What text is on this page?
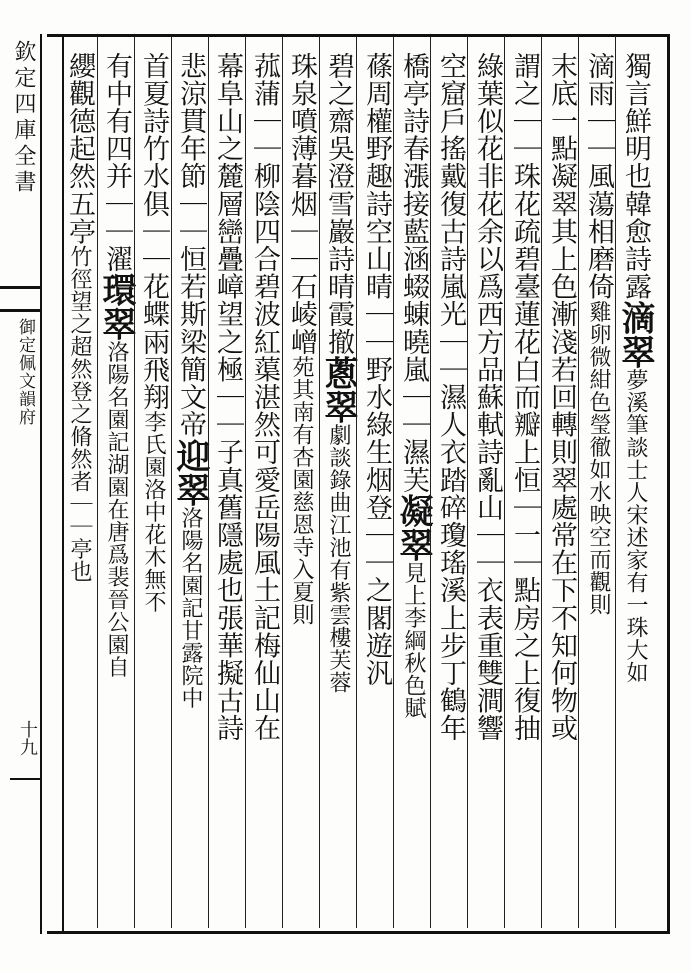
欽定四庫全書
御定佩文韻府
十九
獨言鮮明也韓愈詩露滴翠夢溪筆談士人宋述家有一珠大如
滴雨｜｜風蕩相磨倚雞卵微紺色瑩徹如水映空而觀則
末底一點凝翠其上色漸淺若回轉則翠處常在下不知何物或
謂之｜｜珠花疏碧臺蓮花白而瓣上恒｜一｜點房之上復抽
綠葉似花非花余以爲西方品蘇軾詩亂山｜｜衣表重雙澗響
空窟戶搖戴復古詩嵐光｜｜濕人衣踏碎瓊瑤溪上步丁鶴年
橋亭詩春漲接藍涵蝃蝀曉嵐｜｜濕芙凝翠見上李綱秋色賦
蓧周權野趣詩空山晴｜｜野水綠生烟登｜｜之閣遊汎
碧之齋吳澄雪巖詩晴霞撤蔥翠劇談錄曲江池有紫雲樓芙蓉
珠泉噴薄暮烟｜｜石崚嶒苑其南有杏園慈恩寺入夏則
菰蒲｜｜柳陰四合碧波紅蕖湛然可愛岳陽風土記梅仙山在
幕阜山之麓層巒疊嶂望之極｜｜子真舊隱處也張華擬古詩
悲涼貫年節｜｜恒若斯梁簡文帝迎翠洛陽名園記甘露院中
首夏詩竹水俱｜｜花蝶兩飛翔李氏園洛中花木無不
有中有四并｜｜濯環翠洛陽名園記湖園在唐爲裴晉公園自
纓觀德起然五亭竹徑望之超然登之脩然者｜｜亭也
